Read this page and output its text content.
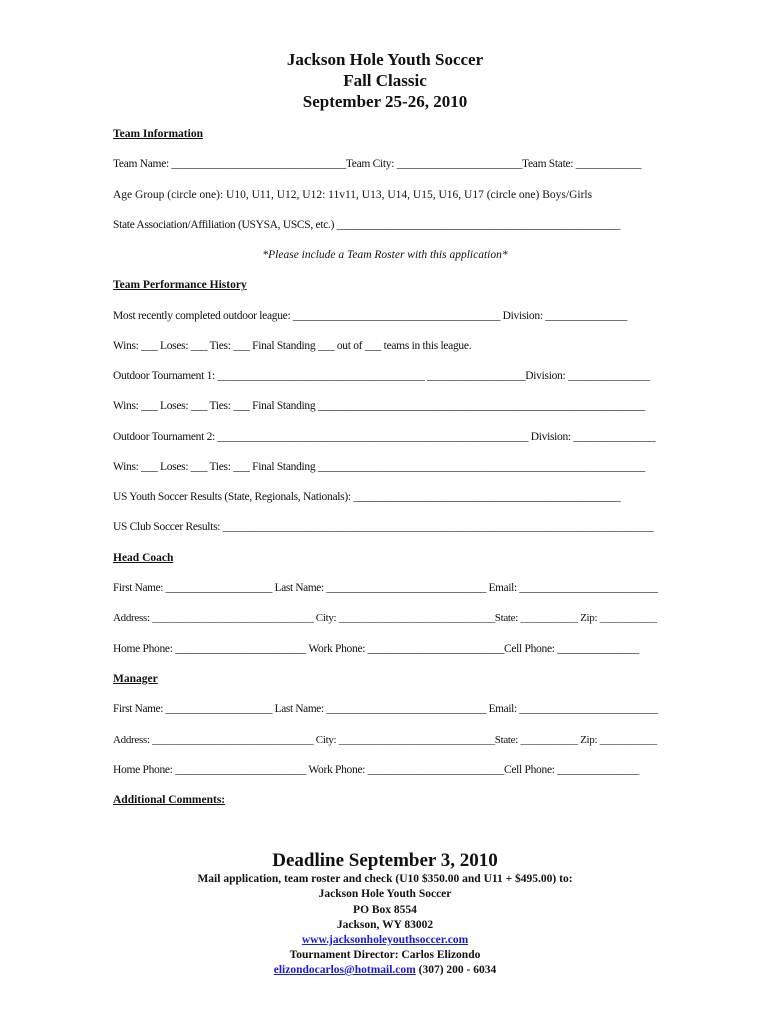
Jackson Hole Youth Soccer
Fall Classic
September 25-26, 2010
Team Information
Team Name: ________________________________Team City: _______________________Team State: ____________
Age Group (circle one): U10, U11, U12, U12: 11v11, U13, U14, U15, U16, U17 (circle one) Boys/Girls
State Association/Affiliation (USYSA, USCS, etc.) ____________________________________________________
*Please include a Team Roster with this application*
Team Performance History
Most recently completed outdoor league: ______________________________________ Division: _______________
Wins: ___ Loses: ___ Ties: ___ Final Standing ___ out of ___ teams in this league.
Outdoor Tournament 1: ______________________________________ __________________Division: _______________
Wins: ___ Loses: ___ Ties: ___ Final Standing ____________________________________________________________
Outdoor Tournament 2: _________________________________________________________ Division: _______________
Wins: ___ Loses: ___ Ties: ___ Final Standing ____________________________________________________________
US Youth Soccer Results (State, Regionals, Nationals): _________________________________________________
US Club Soccer Results: _______________________________________________________________________________
Head Coach
First Name: ____________________ Last Name: ______________________________ Email: __________________________
Address: _______________________________ City: ______________________________State: ___________ Zip: ___________
Home Phone: ________________________ Work Phone: _________________________Cell Phone: _______________
Manager
First Name: ____________________ Last Name: ______________________________ Email: __________________________
Address: _______________________________ City: ______________________________State: ___________ Zip: ___________
Home Phone: ________________________ Work Phone: _________________________Cell Phone: _______________
Additional Comments:
Deadline September 3, 2010
Mail application, team roster and check (U10 $350.00 and U11 + $495.00) to:
Jackson Hole Youth Soccer
PO Box 8554
Jackson, WY 83002
www.jacksonholeyouthsoccer.com
Tournament Director: Carlos Elizondo
elizondocarlos@hotmail.com (307) 200 - 6034
